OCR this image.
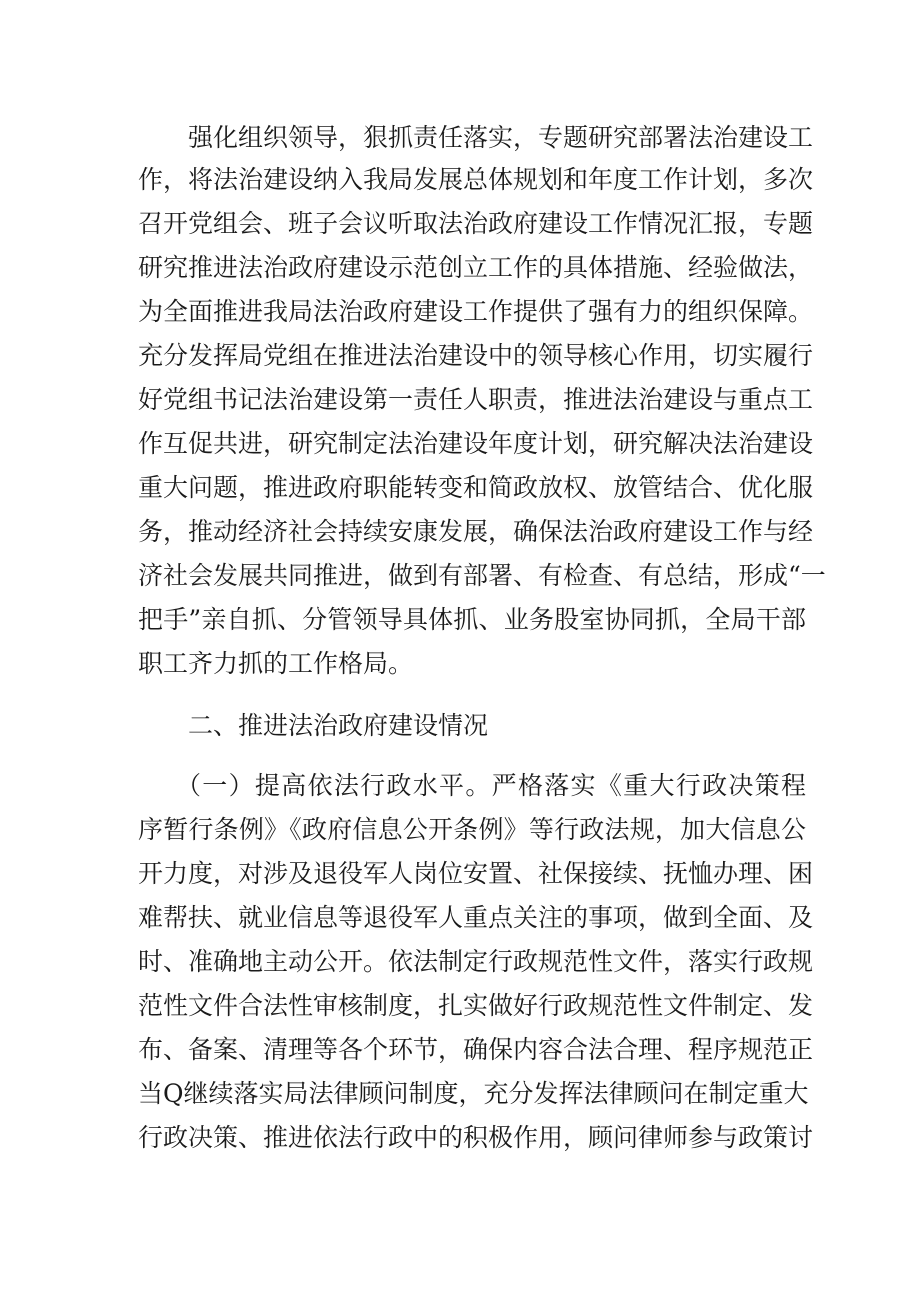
强化组织领导，狠抓责任落实，专题研究部署法治建设工
作，将法治建设纳入我局发展总体规划和年度工作计划，多次
召开党组会、班子会议听取法治政府建设工作情况汇报，专题
研究推进法治政府建设示范创立工作的具体措施、经验做法，
为全面推进我局法治政府建设工作提供了强有力的组织保障。
充分发挥局党组在推进法治建设中的领导核心作用，切实履行
好党组书记法治建设第一责任人职责，推进法治建设与重点工
作互促共进，研究制定法治建设年度计划，研究解决法治建设
重大问题，推进政府职能转变和简政放权、放管结合、优化服
务，推动经济社会持续安康发展，确保法治政府建设工作与经
济社会发展共同推进，做到有部署、有检查、有总结，形成“一
把手”亲自抓、分管领导具体抓、业务股室协同抓，全局干部
职工齐力抓的工作格局。
二、推进法治政府建设情况
（一）提高依法行政水平。严格落实《重大行政决策程
序暂行条例》《政府信息公开条例》等行政法规，加大信息公
开力度，对涉及退役军人岗位安置、社保接续、抚恤办理、困
难帮扶、就业信息等退役军人重点关注的事项，做到全面、及
时、准确地主动公开。依法制定行政规范性文件，落实行政规
范性文件合法性审核制度，扎实做好行政规范性文件制定、发
布、备案、清理等各个环节，确保内容合法合理、程序规范正
当Q继续落实局法律顾问制度，充分发挥法律顾问在制定重大
行政决策、推进依法行政中的积极作用，顾问律师参与政策讨
